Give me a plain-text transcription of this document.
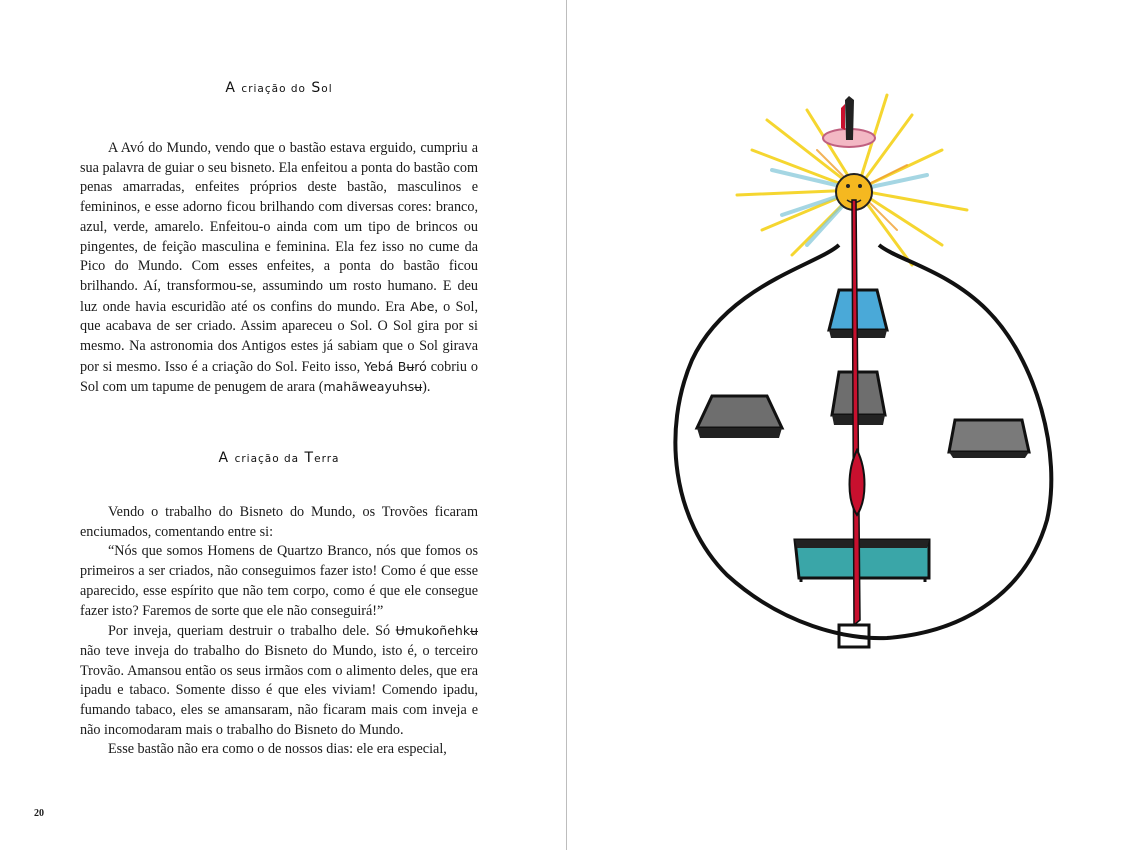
A criação do Sol

A Avó do Mundo, vendo que o bastão estava erguido, cumpriu a sua palavra de guiar o seu bisneto. Ela enfeitou a ponta do bastão com penas amarradas, enfeites próprios deste bastão, masculinos e femininos, e esse adorno ficou brilhando com diversas cores: branco, azul, verde, amarelo. Enfeitou-o ainda com um tipo de brincos ou pingentes, de feição masculina e feminina. Ela fez isso no cume da Pico do Mundo. Com esses enfeites, a ponta do bastão ficou brilhando. Aí, transformou-se, assumindo um rosto humano. E deu luz onde havia escuridão até os confins do mundo. Era Abe, o Sol, que acabava de ser criado. Assim apareceu o Sol. O Sol gira por si mesmo. Na astronomia dos Antigos estes já sabiam que o Sol girava por si mesmo. Isso é a criação do Sol. Feito isso, Yebá Bʉró cobriu o Sol com um tapume de penugem de arara (mahãweayuhsʉ).

A criação da Terra

Vendo o trabalho do Bisneto do Mundo, os Trovões ficaram enciumados, comentando entre si:

“Nós que somos Homens de Quartzo Branco, nós que fomos os primeiros a ser criados, não conseguimos fazer isto! Como é que esse aparecido, esse espírito que não tem corpo, como é que ele consegue fazer isto? Faremos de sorte que ele não conseguirá!”

Por inveja, queriam destruir o trabalho dele. Só Ʉmukoñehkʉ não teve inveja do trabalho do Bisneto do Mundo, isto é, o terceiro Trovão. Amansou então os seus irmãos com o alimento deles, que era ipadu e tabaco. Somente disso é que eles viviam! Comendo ipadu, fumando tabaco, eles se amansaram, não ficaram mais com inveja e não incomodaram mais o trabalho do Bisneto do Mundo.

Esse bastão não era como o de nossos dias: ele era especial,

20
